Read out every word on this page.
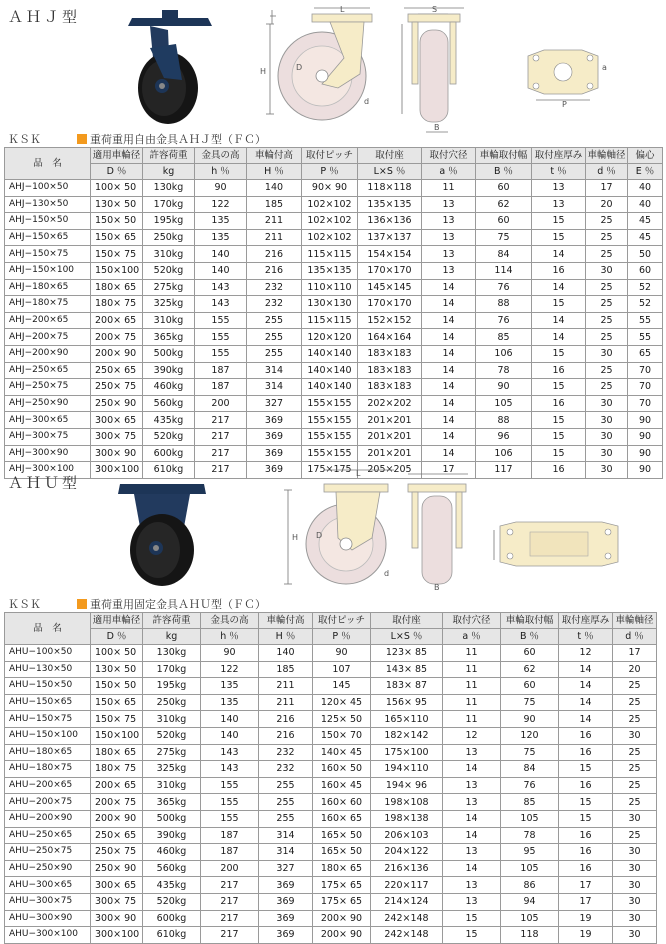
ＡＨＪ型	L	S
H	D
P
d
B
a
ＫＳＫ	重荷重用自由金具ＡＨＪ型（ＦＣ）
品　名	適用車輪径	許容荷重	金具の高	車輪付高	取付ピッチ	取付座	取付穴径	車輪取付幅	取付座厚み	車輪軸径	偏心
	D ％	kg	h ％	H ％	P ％	L×S ％	a ％	B ％	t ％	d ％	E ％
AHJ−100×50	100× 50	130kg	90	140	90× 90	118×118	11	60	13	17	40
AHJ−130×50	130× 50	170kg	122	185	102×102	135×135	13	62	13	20	40
AHJ−150×50	150× 50	195kg	135	211	102×102	136×136	13	60	15	25	45
AHJ−150×65	150× 65	250kg	135	211	102×102	137×137	13	75	15	25	45
AHJ−150×75	150× 75	310kg	140	216	115×115	154×154	13	84	14	25	50
AHJ−150×100	150×100	520kg	140	216	135×135	170×170	13	114	16	30	60
AHJ−180×65	180× 65	275kg	143	232	110×110	145×145	14	76	14	25	52
AHJ−180×75	180× 75	325kg	143	232	130×130	170×170	14	88	15	25	52
AHJ−200×65	200× 65	310kg	155	255	115×115	152×152	14	76	14	25	55
AHJ−200×75	200× 75	365kg	155	255	120×120	164×164	14	85	14	25	55
AHJ−200×90	200× 90	500kg	155	255	140×140	183×183	14	106	15	30	65
AHJ−250×65	250× 65	390kg	187	314	140×140	183×183	14	78	16	25	70
AHJ−250×75	250× 75	460kg	187	314	140×140	183×183	14	90	15	25	70
AHJ−250×90	250× 90	560kg	200	327	155×155	202×202	14	105	16	30	70
AHJ−300×65	300× 65	435kg	217	369	155×155	201×201	14	88	15	30	90
AHJ−300×75	300× 75	520kg	217	369	155×155	201×201	14	96	15	30	90
AHJ−300×90	300× 90	600kg	217	369	155×155	201×201	14	106	15	30	90
AHJ−300×100	300×100	610kg	217	369	175×175	205×205	17	117	16	30	90
ＡＨＵ型
L
H D
d
B
ＫＳＫ	重荷重用固定金具ＡＨＵ型（ＦＣ）
品　名	適用車輪径	許容荷重	金具の高	車輪付高	取付ピッチ	取付座	取付穴径	車輪取付幅	取付座厚み	車輪軸径
	D ％	kg	h ％	H ％	P ％	L×S ％	a ％	B ％	t ％	d ％
AHU−100×50	100× 50	130kg	90	140	90	123× 85	11	60	12	17
AHU−130×50	130× 50	170kg	122	185	107	143× 85	11	62	14	20
AHU−150×50	150× 50	195kg	135	211	145	183× 87	11	60	14	25
AHU−150×65	150× 65	250kg	135	211	120× 45	156× 95	11	75	14	25
AHU−150×75	150× 75	310kg	140	216	125× 50	165×110	11	90	14	25
AHU−150×100	150×100	520kg	140	216	150× 70	182×142	12	120	16	30
AHU−180×65	180× 65	275kg	143	232	140× 45	175×100	13	75	16	25
AHU−180×75	180× 75	325kg	143	232	160× 50	194×110	14	84	15	25
AHU−200×65	200× 65	310kg	155	255	160× 45	194× 96	13	76	16	25
AHU−200×75	200× 75	365kg	155	255	160× 60	198×108	13	85	15	25
AHU−200×90	200× 90	500kg	155	255	160× 65	198×138	14	105	15	30
AHU−250×65	250× 65	390kg	187	314	165× 50	206×103	14	78	16	25
AHU−250×75	250× 75	460kg	187	314	165× 50	204×122	13	95	16	30
AHU−250×90	250× 90	560kg	200	327	180× 65	216×136	14	105	16	30
AHU−300×65	300× 65	435kg	217	369	175× 65	220×117	13	86	17	30
AHU−300×75	300× 75	520kg	217	369	175× 65	214×124	13	94	17	30
AHU−300×90	300× 90	600kg	217	369	200× 90	242×148	15	105	19	30
AHU−300×100	300×100	610kg	217	369	200× 90	242×148	15	118	19	30
